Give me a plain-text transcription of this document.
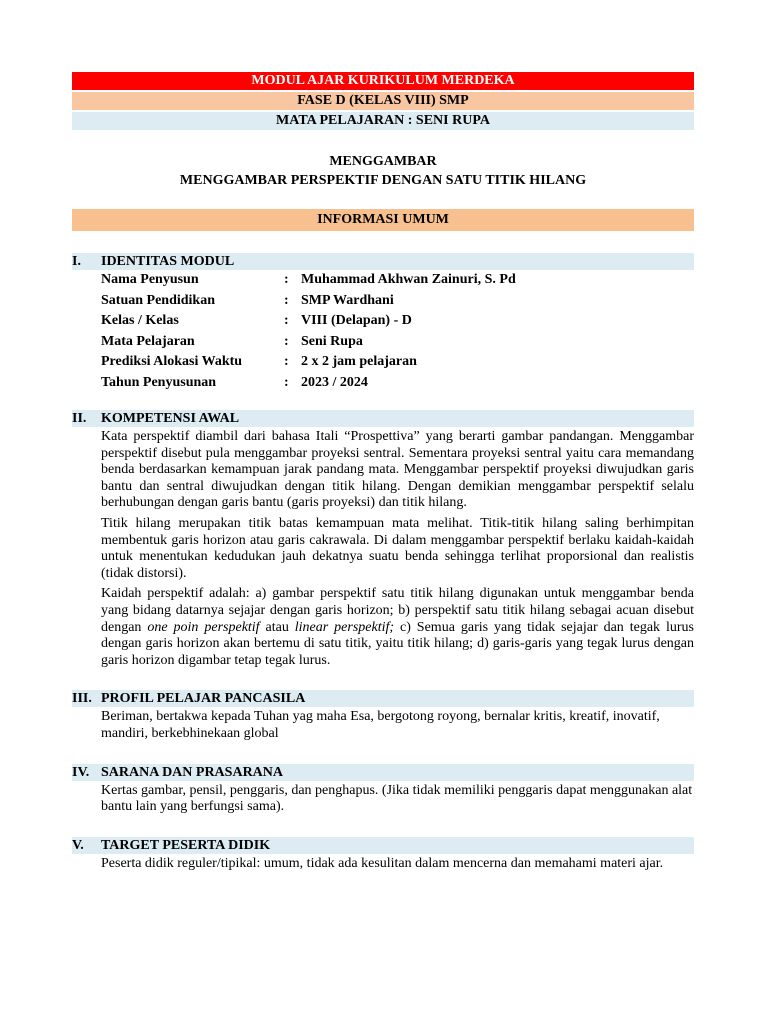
MODUL AJAR KURIKULUM MERDEKA
FASE D (KELAS VIII) SMP
MATA PELAJARAN : SENI RUPA
MENGGAMBAR
MENGGAMBAR PERSPEKTIF DENGAN SATU TITIK HILANG
INFORMASI UMUM
I. IDENTITAS MODUL
Nama Penyusun	: Muhammad Akhwan Zainuri, S. Pd
Satuan Pendidikan	: SMP Wardhani
Kelas / Kelas	: VIII (Delapan) - D
Mata Pelajaran	: Seni Rupa
Prediksi Alokasi Waktu	: 2 x 2 jam pelajaran
Tahun Penyusunan	: 2023 / 2024
II. KOMPETENSI AWAL
Kata perspektif diambil dari bahasa Itali “Prospettiva” yang berarti gambar pandangan. Menggambar perspektif disebut pula menggambar proyeksi sentral. Sementara proyeksi sentral yaitu cara memandang benda berdasarkan kemampuan jarak pandang mata. Menggambar perspektif proyeksi diwujudkan garis bantu dan sentral diwujudkan dengan titik hilang. Dengan demikian menggambar perspektif selalu berhubungan dengan garis bantu (garis proyeksi) dan titik hilang.
Titik hilang merupakan titik batas kemampuan mata melihat. Titik-titik hilang saling berhimpitan membentuk garis horizon atau garis cakrawala. Di dalam menggambar perspektif berlaku kaidah-kaidah untuk menentukan kedudukan jauh dekatnya suatu benda sehingga terlihat proporsional dan realistis (tidak distorsi).
Kaidah perspektif adalah: a) gambar perspektif satu titik hilang digunakan untuk menggambar benda yang bidang datarnya sejajar dengan garis horizon; b) perspektif satu titik hilang sebagai acuan disebut dengan one poin perspektif atau linear perspektif; c) Semua garis yang tidak sejajar dan tegak lurus dengan garis horizon akan bertemu di satu titik, yaitu titik hilang; d) garis-garis yang tegak lurus dengan garis horizon digambar tetap tegak lurus.
III. PROFIL PELAJAR PANCASILA
Beriman, bertakwa kepada Tuhan yag maha Esa, bergotong royong, bernalar kritis, kreatif, inovatif, mandiri, berkebhinekaan global
IV. SARANA DAN PRASARANA
Kertas gambar, pensil, penggaris, dan penghapus. (Jika tidak memiliki penggaris dapat menggunakan alat bantu lain yang berfungsi sama).
V. TARGET PESERTA DIDIK
Peserta didik reguler/tipikal: umum, tidak ada kesulitan dalam mencerna dan memahami materi ajar.
